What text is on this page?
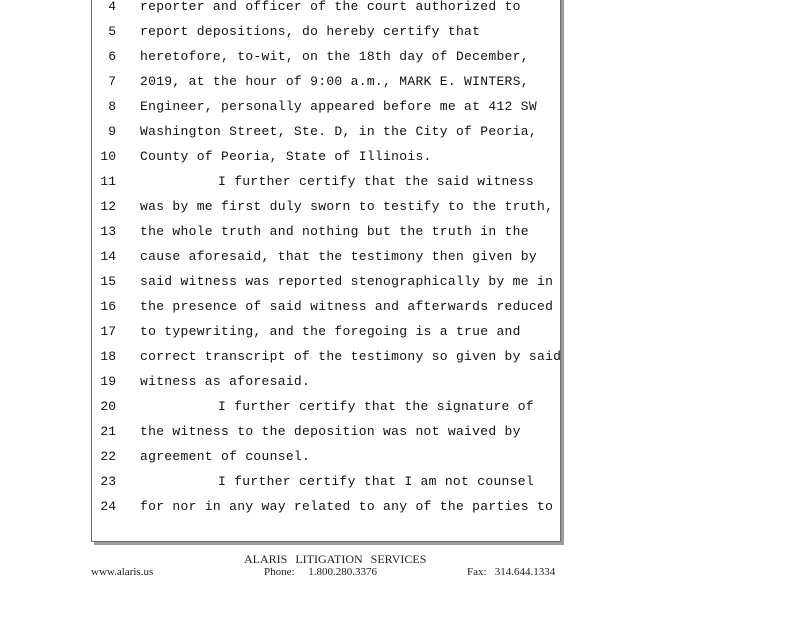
4 reporter and officer of the court authorized to
5 report depositions, do hereby certify that
6 heretofore, to-wit, on the 18th day of December,
7 2019, at the hour of 9:00 a.m., MARK E. WINTERS,
8 Engineer, personally appeared before me at 412 SW
9 Washington Street, Ste. D, in the City of Peoria,
10 County of Peoria, State of Illinois.
11	I further certify that the said witness
12 was by me first duly sworn to testify to the truth,
13 the whole truth and nothing but the truth in the
14 cause aforesaid, that the testimony then given by
15 said witness was reported stenographically by me in
16 the presence of said witness and afterwards reduced
17 to typewriting, and the foregoing is a true and
18 correct transcript of the testimony so given by said
19 witness as aforesaid.
20	I further certify that the signature of
21 the witness to the deposition was not waived by
22 agreement of counsel.
23	I further certify that I am not counsel
24 for nor in any way related to any of the parties to
ALARIS LITIGATION SERVICES

www.alaris.us

	Phone:     1.800.280.3376

	Fax:   314.644.1334
